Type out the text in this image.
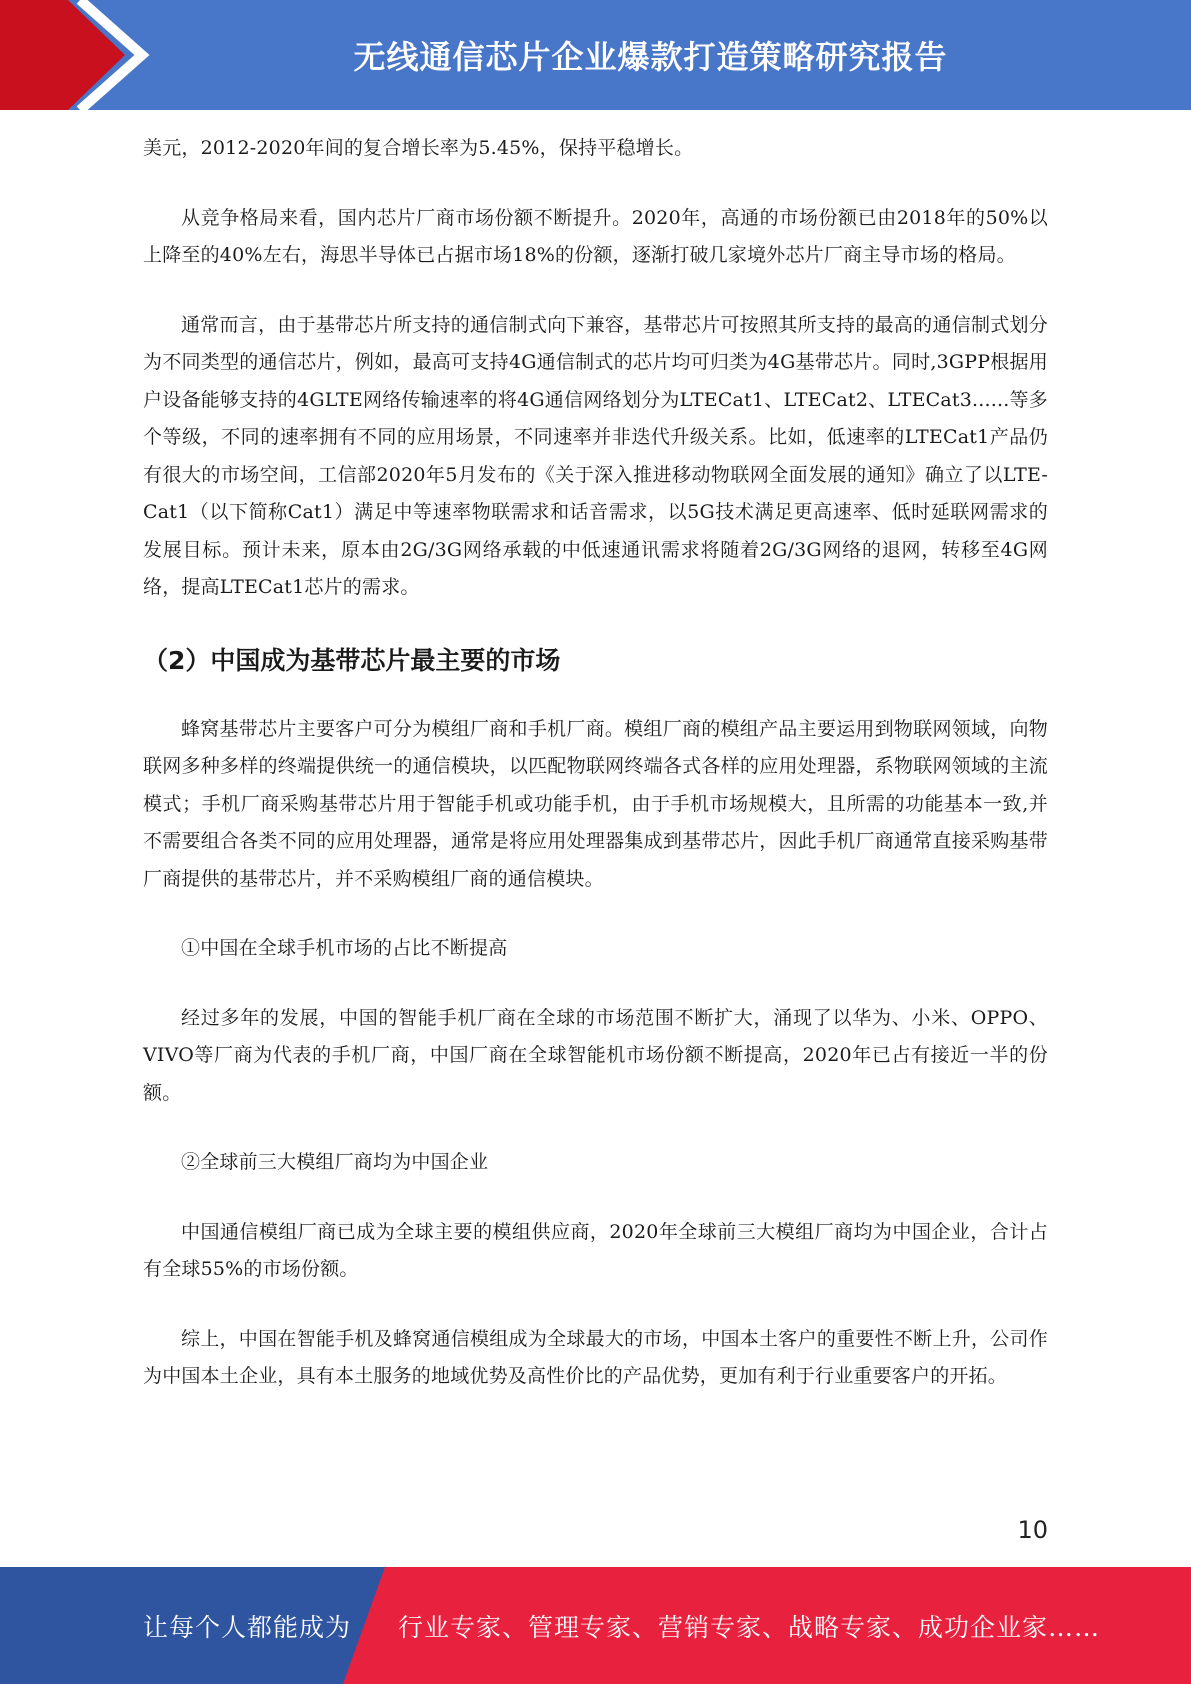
无线通信芯片企业爆款打造策略研究报告

美元，2012-2020年间的复合增长率为5.45%，保持平稳增长。

从竞争格局来看，国内芯片厂商市场份额不断提升。2020年，高通的市场份额已由2018年的50%以上降至的40%左右，海思半导体已占据市场18%的份额，逐渐打破几家境外芯片厂商主导市场的格局。

通常而言，由于基带芯片所支持的通信制式向下兼容，基带芯片可按照其所支持的最高的通信制式划分为不同类型的通信芯片，例如，最高可支持4G通信制式的芯片均可归类为4G基带芯片。同时,3GPP根据用户设备能够支持的4GLTE网络传输速率的将4G通信网络划分为LTECat1、LTECat2、LTECat3......等多个等级，不同的速率拥有不同的应用场景，不同速率并非迭代升级关系。比如，低速率的LTECat1产品仍有很大的市场空间，工信部2020年5月发布的《关于深入推进移动物联网全面发展的通知》确立了以LTE-Cat1（以下简称Cat1）满足中等速率物联需求和话音需求，以5G技术满足更高速率、低时延联网需求的发展目标。预计未来，原本由2G/3G网络承载的中低速通讯需求将随着2G/3G网络的退网，转移至4G网络，提高LTECat1芯片的需求。

（2）中国成为基带芯片最主要的市场

蜂窝基带芯片主要客户可分为模组厂商和手机厂商。模组厂商的模组产品主要运用到物联网领域，向物联网多种多样的终端提供统一的通信模块，以匹配物联网终端各式各样的应用处理器，系物联网领域的主流模式；手机厂商采购基带芯片用于智能手机或功能手机，由于手机市场规模大，且所需的功能基本一致,并不需要组合各类不同的应用处理器，通常是将应用处理器集成到基带芯片，因此手机厂商通常直接采购基带厂商提供的基带芯片，并不采购模组厂商的通信模块。

①中国在全球手机市场的占比不断提高

经过多年的发展，中国的智能手机厂商在全球的市场范围不断扩大，涌现了以华为、小米、OPPO、VIVO等厂商为代表的手机厂商，中国厂商在全球智能机市场份额不断提高，2020年已占有接近一半的份额。

②全球前三大模组厂商均为中国企业

中国通信模组厂商已成为全球主要的模组供应商，2020年全球前三大模组厂商均为中国企业，合计占有全球55%的市场份额。

综上，中国在智能手机及蜂窝通信模组成为全球最大的市场，中国本土客户的重要性不断上升，公司作为中国本土企业，具有本土服务的地域优势及高性价比的产品优势，更加有利于行业重要客户的开拓。

10
让每个人都能成为 行业专家、管理专家、营销专家、战略专家、成功企业家……
